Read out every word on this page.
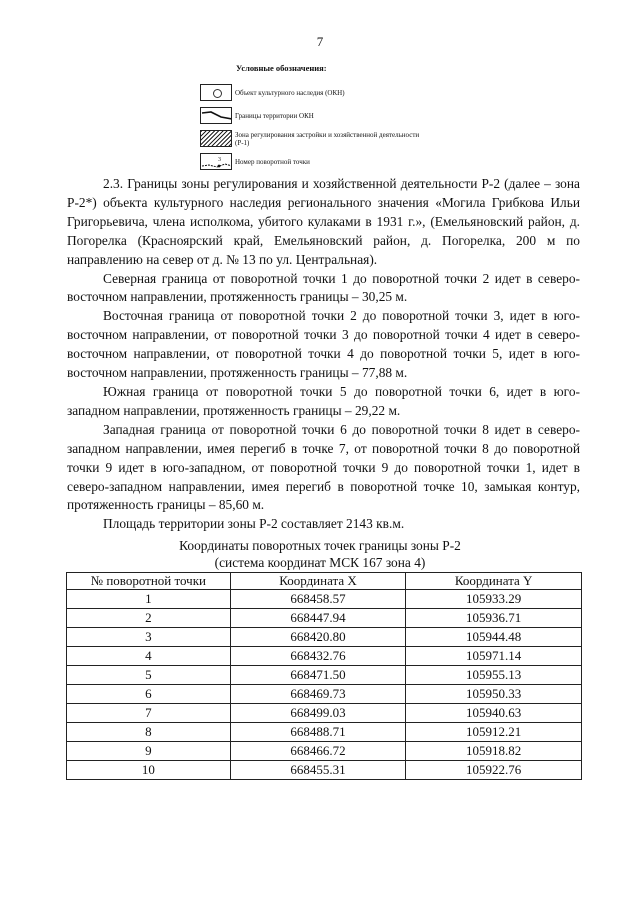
7
Условные обозначения:
Объект культурного наследия (ОКН)
Границы территории ОКН
Зона регулирования застройки и хозяйственной деятельности (Р-1)
3 Номер поворотной точки

2.3. Границы зоны регулирования и хозяйственной деятельности Р-2 (далее – зона Р-2*) объекта культурного наследия регионального значения «Могила Грибкова Ильи Григорьевича, члена исполкома, убитого кулаками в 1931 г.», (Емельяновский район, д. Погорелка (Красноярский край, Емельяновский район, д. Погорелка, 200 м по направлению на север от д. № 13 по ул. Центральная).

Северная граница от поворотной точки 1 до поворотной точки 2 идет в северо-восточном направлении, протяженность границы – 30,25 м.

Восточная граница от поворотной точки 2 до поворотной точки 3, идет в юго-восточном направлении, от поворотной точки 3 до поворотной точки 4 идет в северо-восточном направлении, от поворотной точки 4 до поворотной точки 5, идет в юго-восточном направлении, протяженность границы – 77,88 м.

Южная граница от поворотной точки 5 до поворотной точки 6, идет в юго-западном направлении, протяженность границы – 29,22 м.

Западная граница от поворотной точки 6 до поворотной точки 8 идет в северо-западном направлении, имея перегиб в точке 7, от поворотной точки 8 до поворотной точки 9 идет в юго-западном, от поворотной точки 9 до поворотной точки 1, идет в северо-западном направлении, имея перегиб в поворотной точке 10, замыкая контур, протяженность границы – 85,60 м.

Площадь территории зоны Р-2 составляет 2143 кв.м.

Координаты поворотных точек границы зоны Р-2
(система координат МСК 167 зона 4)
№ поворотной точки	Координата X	Координата Y
1	668458.57	105933.29
2	668447.94	105936.71
3	668420.80	105944.48
4	668432.76	105971.14
5	668471.50	105955.13
6	668469.73	105950.33
7	668499.03	105940.63
8	668488.71	105912.21
9	668466.72	105918.82
10	668455.31	105922.76
